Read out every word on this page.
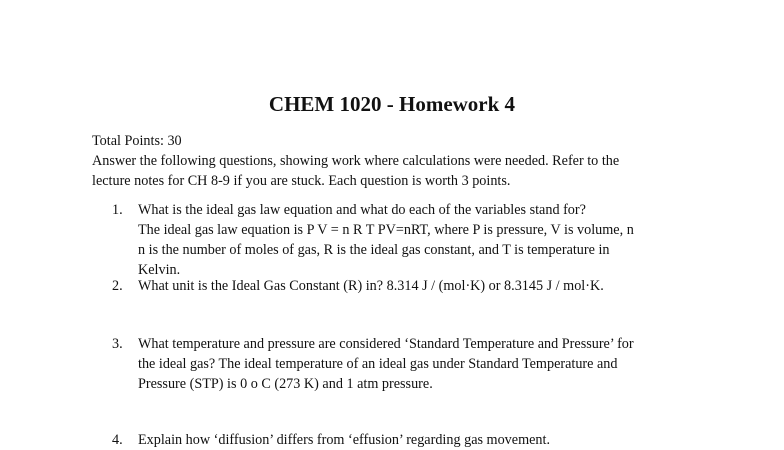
CHEM 1020 - Homework 4
Total Points: 30
Answer the following questions, showing work where calculations were needed. Refer to the
lecture notes for CH 8-9 if you are stuck. Each question is worth 3 points.
1.	What is the ideal gas law equation and what do each of the variables stand for?
The ideal gas law equation is P V = n R T PV=nRT, where P is pressure, V is volume, n
n is the number of moles of gas, R is the ideal gas constant, and T is temperature in
Kelvin.
2.	What unit is the Ideal Gas Constant (R) in? 8.314 J / (mol·K) or 8.3145 J / mol·K.
3.	What temperature and pressure are considered ‘Standard Temperature and Pressure’ for
the ideal gas? The ideal temperature of an ideal gas under Standard Temperature and
Pressure (STP) is 0 o C (273 K) and 1 atm pressure.
4.	Explain how ‘diffusion’ differs from ‘effusion’ regarding gas movement.
